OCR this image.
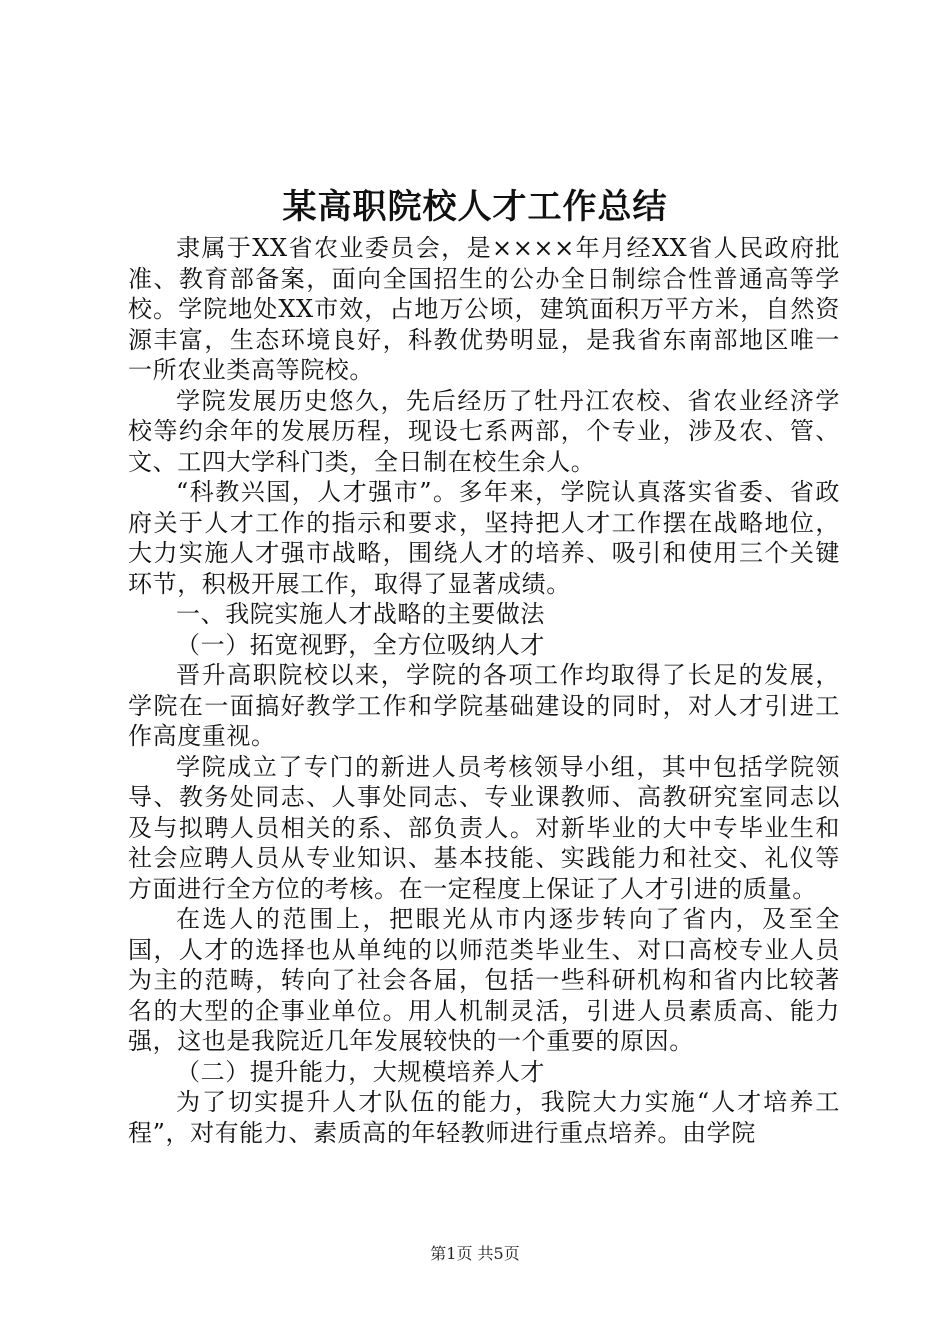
某高职院校人才工作总结

隶属于XX省农业委员会，是××××年月经XX省人民政府批准、教育部备案，面向全国招生的公办全日制综合性普通高等学校。学院地处XX市效，占地万公顷，建筑面积万平方米，自然资源丰富，生态环境良好，科教优势明显，是我省东南部地区唯一一所农业类高等院校。

学院发展历史悠久，先后经历了牡丹江农校、省农业经济学校等约余年的发展历程，现设七系两部，个专业，涉及农、管、文、工四大学科门类，全日制在校生余人。

“科教兴国，人才强市”。多年来，学院认真落实省委、省政府关于人才工作的指示和要求，坚持把人才工作摆在战略地位，大力实施人才强市战略，围绕人才的培养、吸引和使用三个关键环节，积极开展工作，取得了显著成绩。

一、我院实施人才战略的主要做法

（一）拓宽视野，全方位吸纳人才

晋升高职院校以来，学院的各项工作均取得了长足的发展，学院在一面搞好教学工作和学院基础建设的同时，对人才引进工作高度重视。

学院成立了专门的新进人员考核领导小组，其中包括学院领导、教务处同志、人事处同志、专业课教师、高教研究室同志以及与拟聘人员相关的系、部负责人。对新毕业的大中专毕业生和社会应聘人员从专业知识、基本技能、实践能力和社交、礼仪等方面进行全方位的考核。在一定程度上保证了人才引进的质量。

在选人的范围上，把眼光从市内逐步转向了省内，及至全国，人才的选择也从单纯的以师范类毕业生、对口高校专业人员为主的范畴，转向了社会各届，包括一些科研机构和省内比较著名的大型的企事业单位。用人机制灵活，引进人员素质高、能力强，这也是我院近几年发展较快的一个重要的原因。

（二）提升能力，大规模培养人才

为了切实提升人才队伍的能力，我院大力实施“人才培养工程”，对有能力、素质高的年轻教师进行重点培养。由学院

第1页 共5页
